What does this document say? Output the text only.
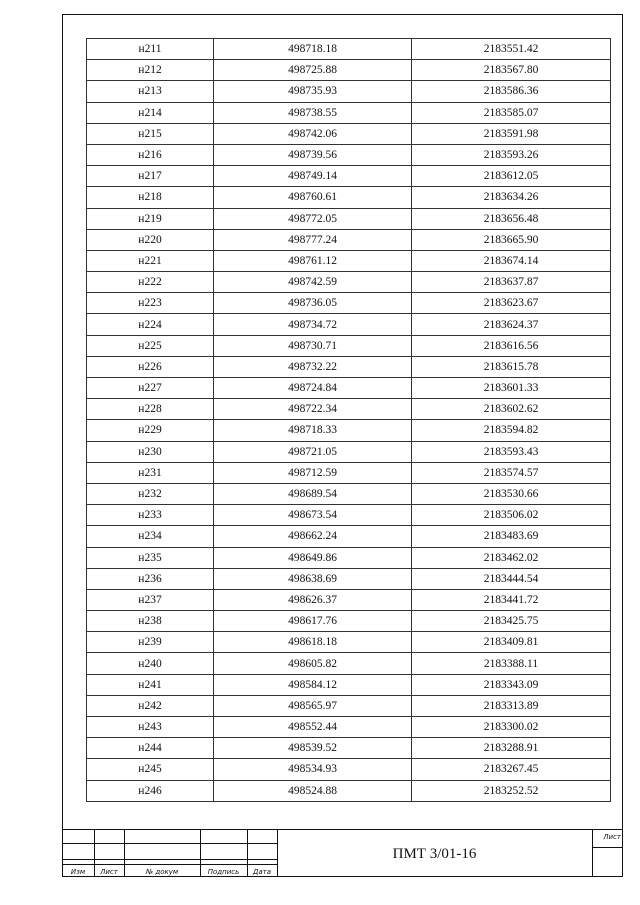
н211	498718.18	2183551.42
н212	498725.88	2183567.80
н213	498735.93	2183586.36
н214	498738.55	2183585.07
н215	498742.06	2183591.98
н216	498739.56	2183593.26
н217	498749.14	2183612.05
н218	498760.61	2183634.26
н219	498772.05	2183656.48
н220	498777.24	2183665.90
н221	498761.12	2183674.14
н222	498742.59	2183637.87
н223	498736.05	2183623.67
н224	498734.72	2183624.37
н225	498730.71	2183616.56
н226	498732.22	2183615.78
н227	498724.84	2183601.33
н228	498722.34	2183602.62
н229	498718.33	2183594.82
н230	498721.05	2183593.43
н231	498712.59	2183574.57
н232	498689.54	2183530.66
н233	498673.54	2183506.02
н234	498662.24	2183483.69
н235	498649.86	2183462.02
н236	498638.69	2183444.54
н237	498626.37	2183441.72
н238	498617.76	2183425.75
н239	498618.18	2183409.81
н240	498605.82	2183388.11
н241	498584.12	2183343.09
н242	498565.97	2183313.89
н243	498552.44	2183300.02
н244	498539.52	2183288.91
н245	498534.93	2183267.45
н246	498524.88	2183252.52
Изм	Лист	№ докум	Подпись	Дата
ПМТ 3/01-16
Лист
